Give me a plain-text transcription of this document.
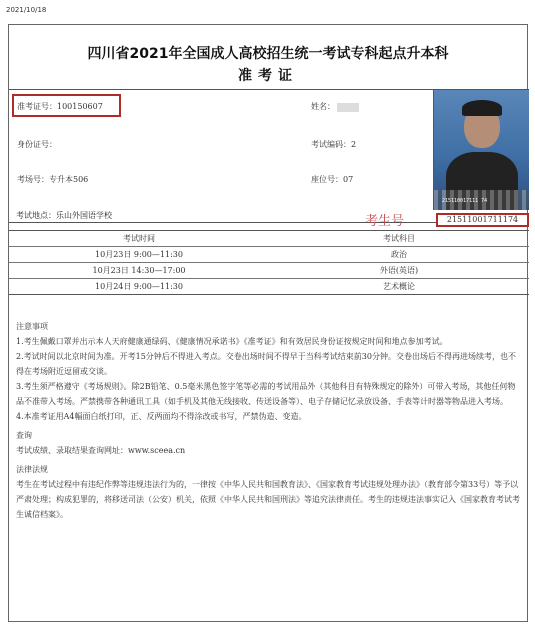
2021/10/18
四川省2021年全国成人高校招生统一考试专科起点升本科
准考证
准考证号：100150607	姓名：
身份证号：	考试编码：2
考场号：专升本506	座位号：07
215110017111 74
考生号	21511001711174
考试地点：乐山外国语学校
考试时间	考试科目
10月23日 9:00—11:30	政治
10月23日 14:30—17:00	外语(英语)
10月24日 9:00—11:30	艺术概论

注意事项

1.考生佩戴口罩并出示本人天府健康通绿码、《健康情况承诺书》《准考证》和有效居民身份证按规定时间和地点参加考试。

2.考试时间以北京时间为准。开考15分钟后不得进入考点。交卷出场时间不得早于当科考试结束前30分钟。交卷出场后不得再进场续考，也不得在考场附近逗留或交谈。

3.考生须严格遵守《考场规则》。除2B铅笔、0.5毫米黑色签字笔等必需的考试用品外（其他科目有特殊规定的除外）可带入考场，其他任何物品不准带入考场。严禁携带各种通讯工具（如手机及其他无线接收、传送设备等）、电子存储记忆录放设备、手表等计时器等物品进入考场。

4.本准考证用A4幅面白纸打印，正、反两面均不得涂改或书写，严禁伪造、变造。

查询

考试成绩、录取结果查询网址：www.sceea.cn

法律法规

考生在考试过程中有违纪作弊等违规违法行为的，一律按《中华人民共和国教育法》、《国家教育考试违规处理办法》（教育部令第33号）等予以严肃处理；构成犯罪的，将移送司法（公安）机关，依照《中华人民共和国刑法》等追究法律责任。考生的违规违法事实记入《国家教育考试考生诚信档案》。
